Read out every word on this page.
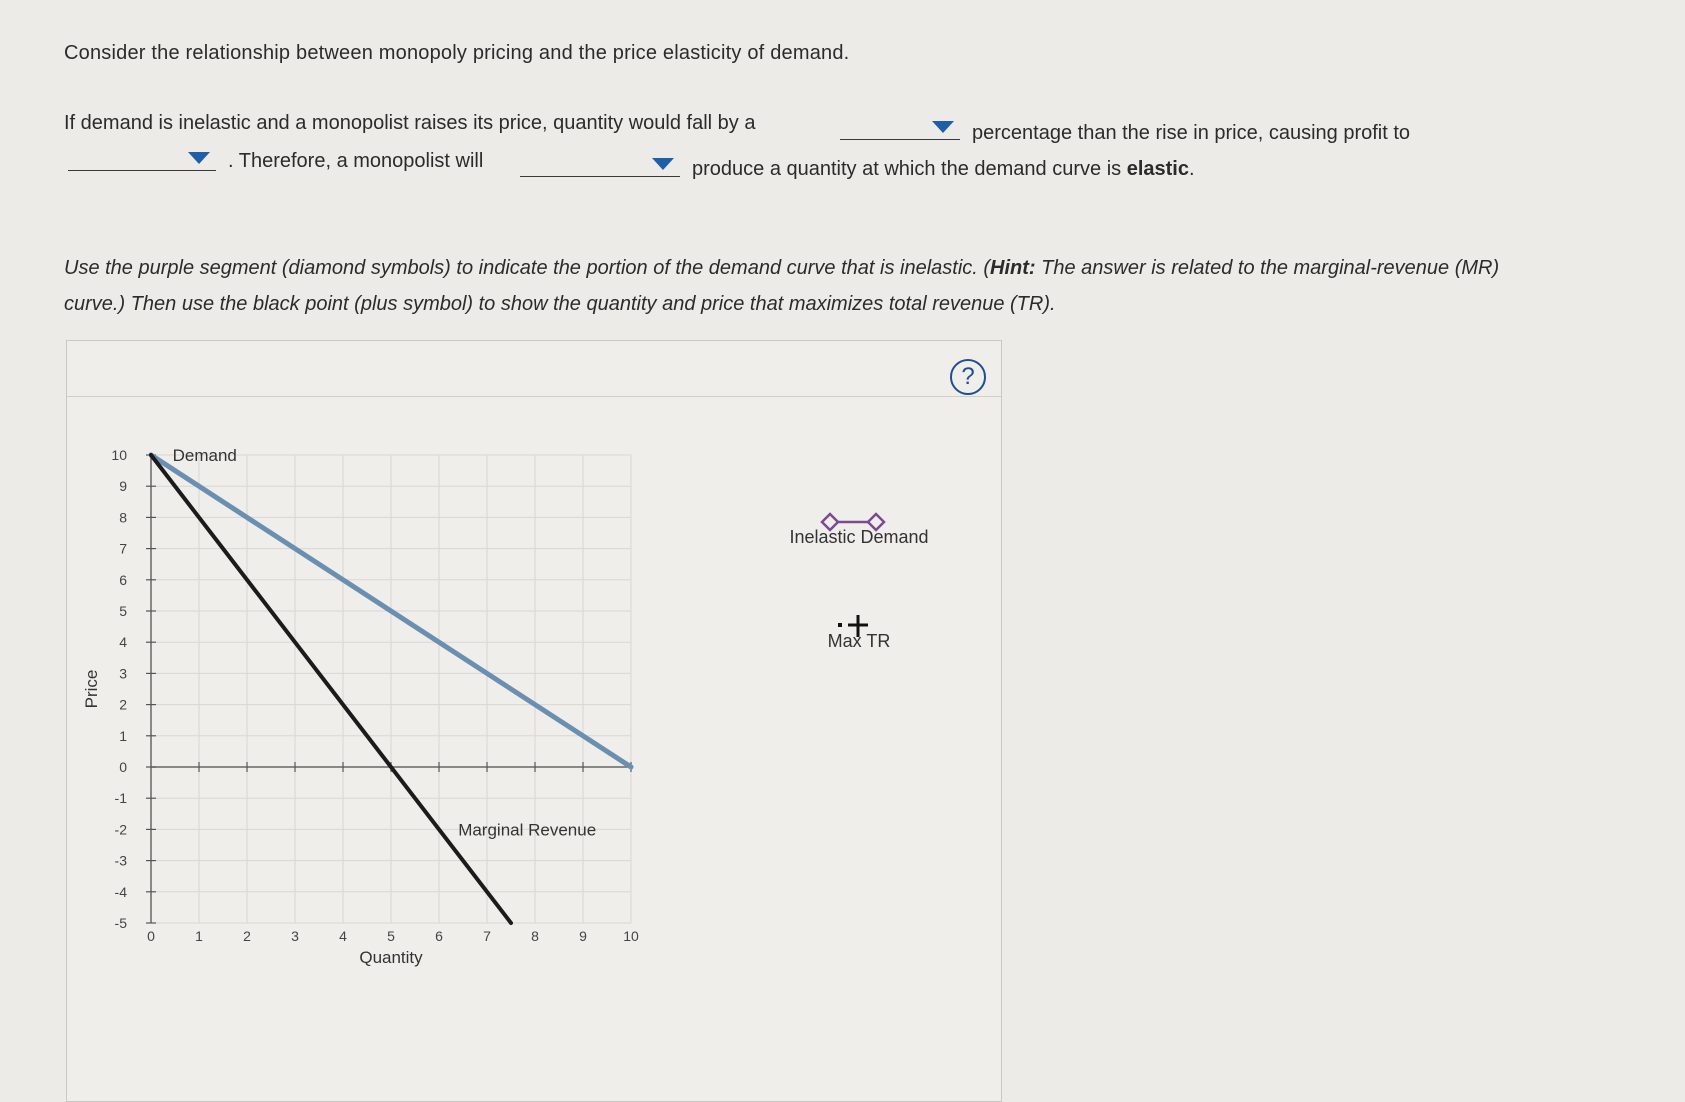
Consider the relationship between monopoly pricing and the price elasticity of demand.
If demand is inelastic and a monopolist raises its price, quantity would fall by a	percentage than the rise in price, causing profit to
. Therefore, a monopolist will	produce a quantity at which the demand curve is elastic.
Use the purple segment (diamond symbols) to indicate the portion of the demand curve that is inelastic. (Hint: The answer is related to the marginal-revenue (MR) curve.) Then use the black point (plus symbol) to show the quantity and price that maximizes total revenue (TR).
?
10
9
8
7
6
5
4
3
2
1
0
-1
-2
-3
-4
-5
0	1	2	3	4	5	6	7	8	9	10
Quantity
Price
Demand
Marginal Revenue
Inelastic Demand
Max TR
